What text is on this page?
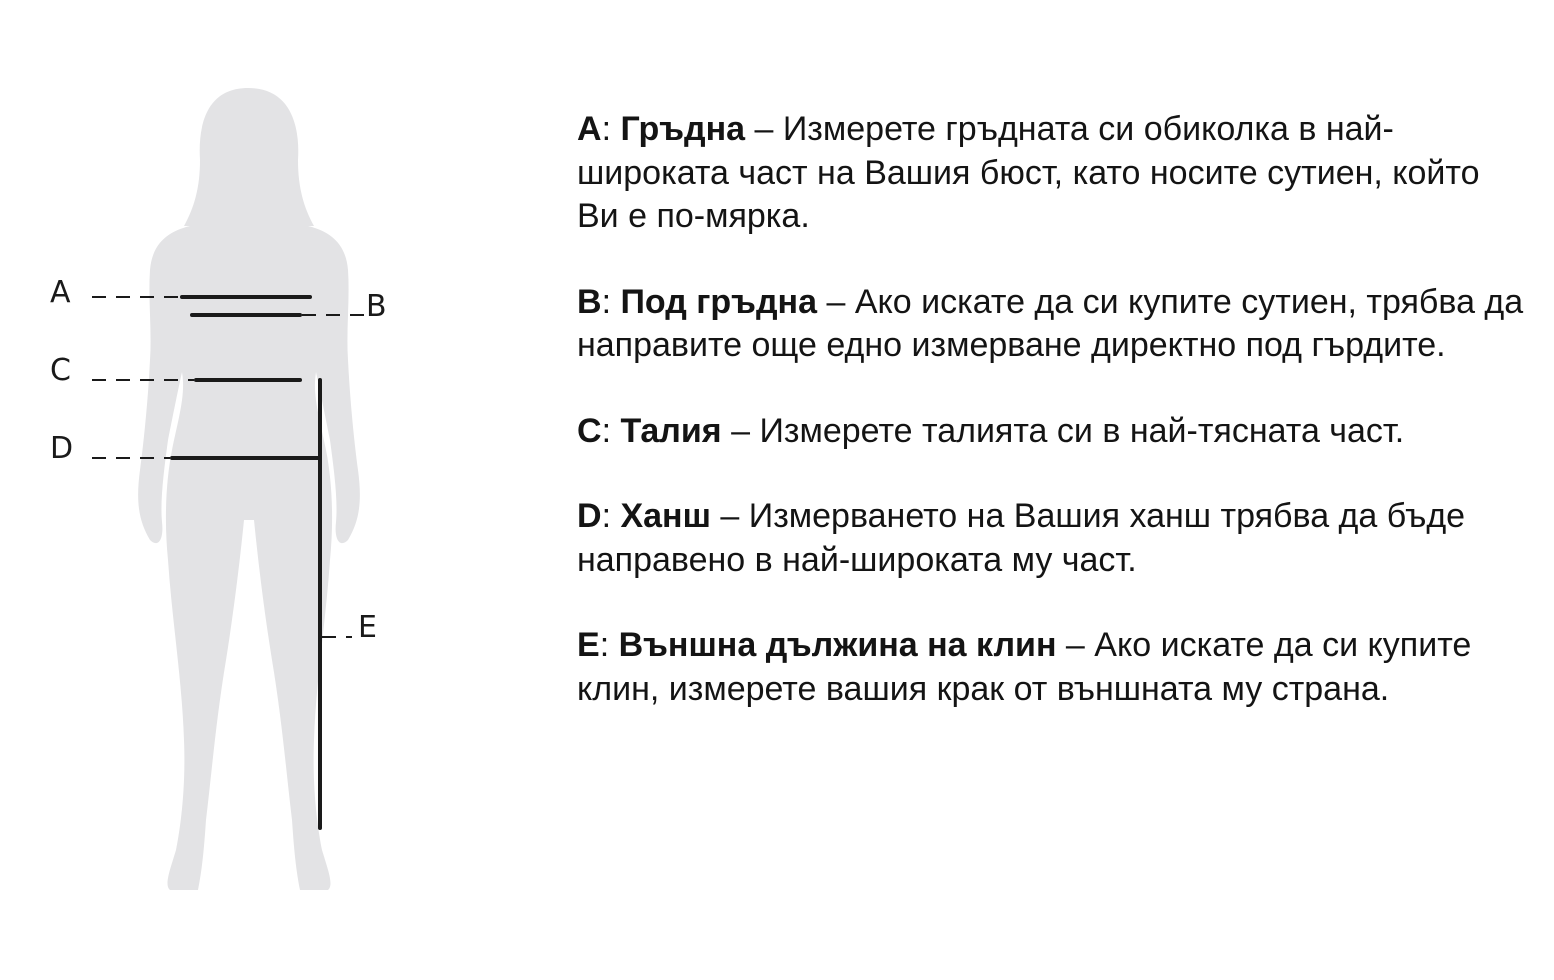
A	B
C
D
E

A: Гръдна – Измерете гръдната си обиколка в най-широката част на Вашия бюст, като носите сутиен, който Ви е по-мярка.

B: Под гръдна – Ако искате да си купите сутиен, трябва да направите още едно измерване директно под гърдите.

C: Талия – Измерете талията си в най-тясната част.

D: Ханш – Измерването на Вашия ханш трябва да бъде направено в най-широката му част.

E: Външна дължина на клин – Ако искате да си купите клин, измерете вашия крак от външната му страна.
